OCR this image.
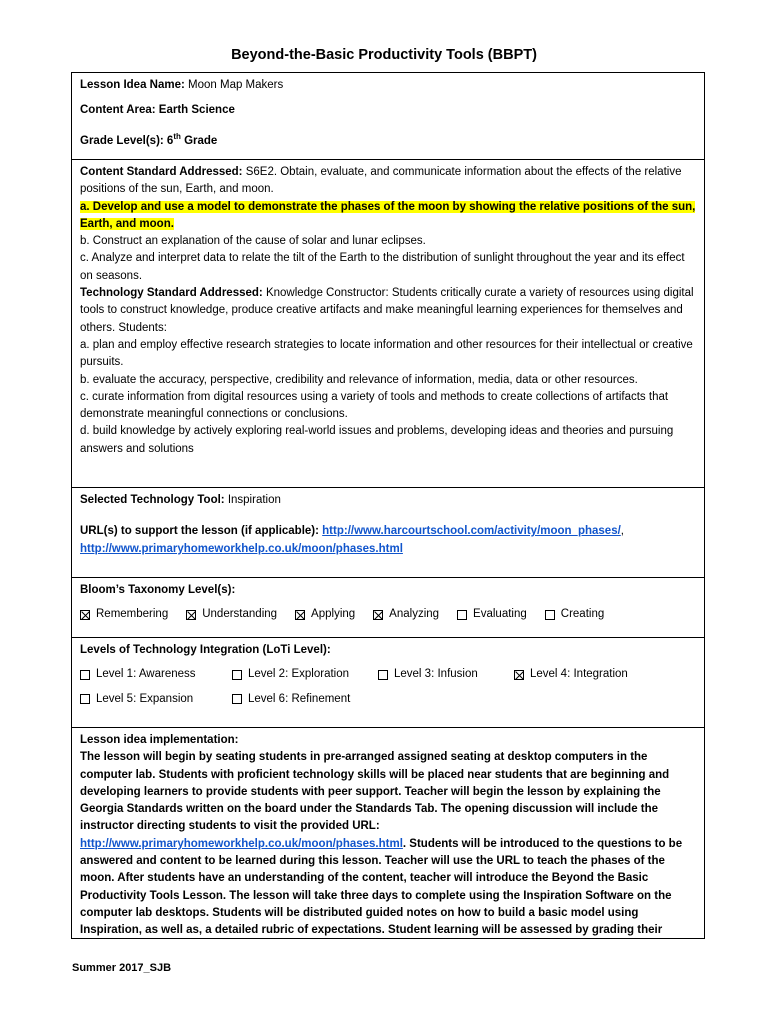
Beyond-the-Basic Productivity Tools (BBPT)
Lesson Idea Name: Moon Map Makers
Content Area: Earth Science
Grade Level(s): 6th Grade
Content Standard Addressed: S6E2. Obtain, evaluate, and communicate information about the effects of the relative positions of the sun, Earth, and moon.
a. Develop and use a model to demonstrate the phases of the moon by showing the relative positions of the sun, Earth, and moon.
b. Construct an explanation of the cause of solar and lunar eclipses.
c. Analyze and interpret data to relate the tilt of the Earth to the distribution of sunlight throughout the year and its effect on seasons.
Technology Standard Addressed: Knowledge Constructor: Students critically curate a variety of resources using digital tools to construct knowledge, produce creative artifacts and make meaningful learning experiences for themselves and others. Students:
a. plan and employ effective research strategies to locate information and other resources for their intellectual or creative pursuits.
b. evaluate the accuracy, perspective, credibility and relevance of information, media, data or other resources.
c. curate information from digital resources using a variety of tools and methods to create collections of artifacts that demonstrate meaningful connections or conclusions.
d. build knowledge by actively exploring real-world issues and problems, developing ideas and theories and pursuing answers and solutions
Selected Technology Tool: Inspiration
URL(s) to support the lesson (if applicable): http://www.harcourtschool.com/activity/moon_phases/,
http://www.primaryhomeworkhelp.co.uk/moon/phases.html
Bloom’s Taxonomy Level(s):
Remembering	Understanding	Applying	Analyzing	Evaluating	Creating
Levels of Technology Integration (LoTi Level):
Level 1: Awareness	Level 2: Exploration	Level 3: Infusion	Level 4: Integration
Level 5: Expansion	Level 6: Refinement
Lesson idea implementation:
The lesson will begin by seating students in pre-arranged assigned seating at desktop computers in the computer lab. Students with proficient technology skills will be placed near students that are beginning and developing learners to provide students with peer support. Teacher will begin the lesson by explaining the Georgia Standards written on the board under the Standards Tab. The opening discussion will include the instructor directing students to visit the provided URL:
http://www.primaryhomeworkhelp.co.uk/moon/phases.html. Students will be introduced to the questions to be answered and content to be learned during this lesson. Teacher will use the URL to teach the phases of the moon. After students have an understanding of the content, teacher will introduce the Beyond the Basic Productivity Tools Lesson. The lesson will take three days to complete using the Inspiration Software on the computer lab desktops. Students will be distributed guided notes on how to build a basic model using Inspiration, as well as, a detailed rubric of expectations. Student learning will be assessed by grading their
Summer 2017_SJB
